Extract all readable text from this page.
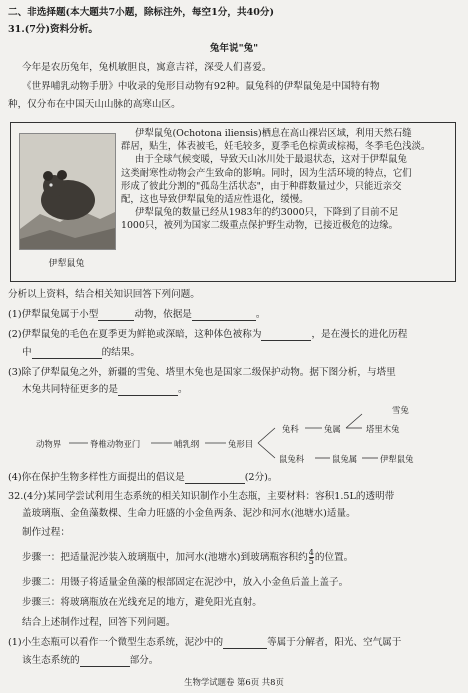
二、非选择题(本大题共7小题，除标注外，每空1分，共40分)
31.(7分)资料分析。
兔年说"兔"
今年是农历兔年，兔机敏胆良，寓意吉祥，深受人们喜爱。
《世界哺乳动物手册》中收录的兔形目动物有92种。鼠兔科的伊犁鼠兔是中国特有物
种，仅分布在中国天山山脉的高寒山区。
伊犁鼠兔

伊犁鼠兔(Ochotona iliensis)栖息在高山裸岩区域，利用天然石缝

群居，贴生，体表被毛，妊毛较多，夏季毛色棕黄或棕褐，冬季毛色浅淡。

由于全球气候变暖，导致天山冰川处于最退状态，这对于伊犁鼠兔

这类耐寒性动物会产生致命的影响。同时，因为生活环境的特点，它们

形成了彼此分割的"孤岛生活状态"，由于种群数量过少，只能近亲交

配，这也导致伊犁鼠兔的适应性退化，缓慢。

伊犁鼠兔的数量已经从1983年的约3000只，下降到了目前不足

1000只，被列为国家二级重点保护野生动物，已接近极危的边缘。

分析以上资料，结合相关知识回答下列问题。
(1)伊犁鼠兔属于小型	动物，依据是	。
(2)伊犁鼠兔的毛色在夏季更为鲜艳或深暗，这种体色被称为	，是在漫长的进化历程
中	的结果。
(3)除了伊犁鼠兔之外，新疆的雪兔、塔里木兔也是国家二级保护动物。据下图分析，与塔里
木兔共同特征更多的是	。
动物界	脊椎动物亚门	哺乳纲	兔形目
兔科	兔属
雪兔
塔里木兔
鼠兔科	鼠兔属	伊犁鼠兔
(4)你在保护生物多样性方面提出的倡议是	(2分)。
32.(4分)某同学尝试利用生态系统的相关知识制作小生态瓶，主要材料：容积1.5L的透明带
盖玻璃瓶、金鱼藻数棵、生命力旺盛的小金鱼两条、泥沙和河水(池塘水)适量。
制作过程：
步骤一：把适量泥沙装入玻璃瓶中，加河水(池塘水)到玻璃瓶容积约 $\frac{4}{5}$ 的位置。
步骤二：用镊子将适量金鱼藻的根部固定在泥沙中，放入小金鱼后盖上盖子。
步骤三：将玻璃瓶放在光线充足的地方，避免阳光直射。
结合上述制作过程，回答下列问题。
(1)小生态瓶可以看作一个微型生态系统，泥沙中的	等属于分解者，阳光、空气属于
该生态系统的	部分。
生物学试题卷 第6页 共8页
